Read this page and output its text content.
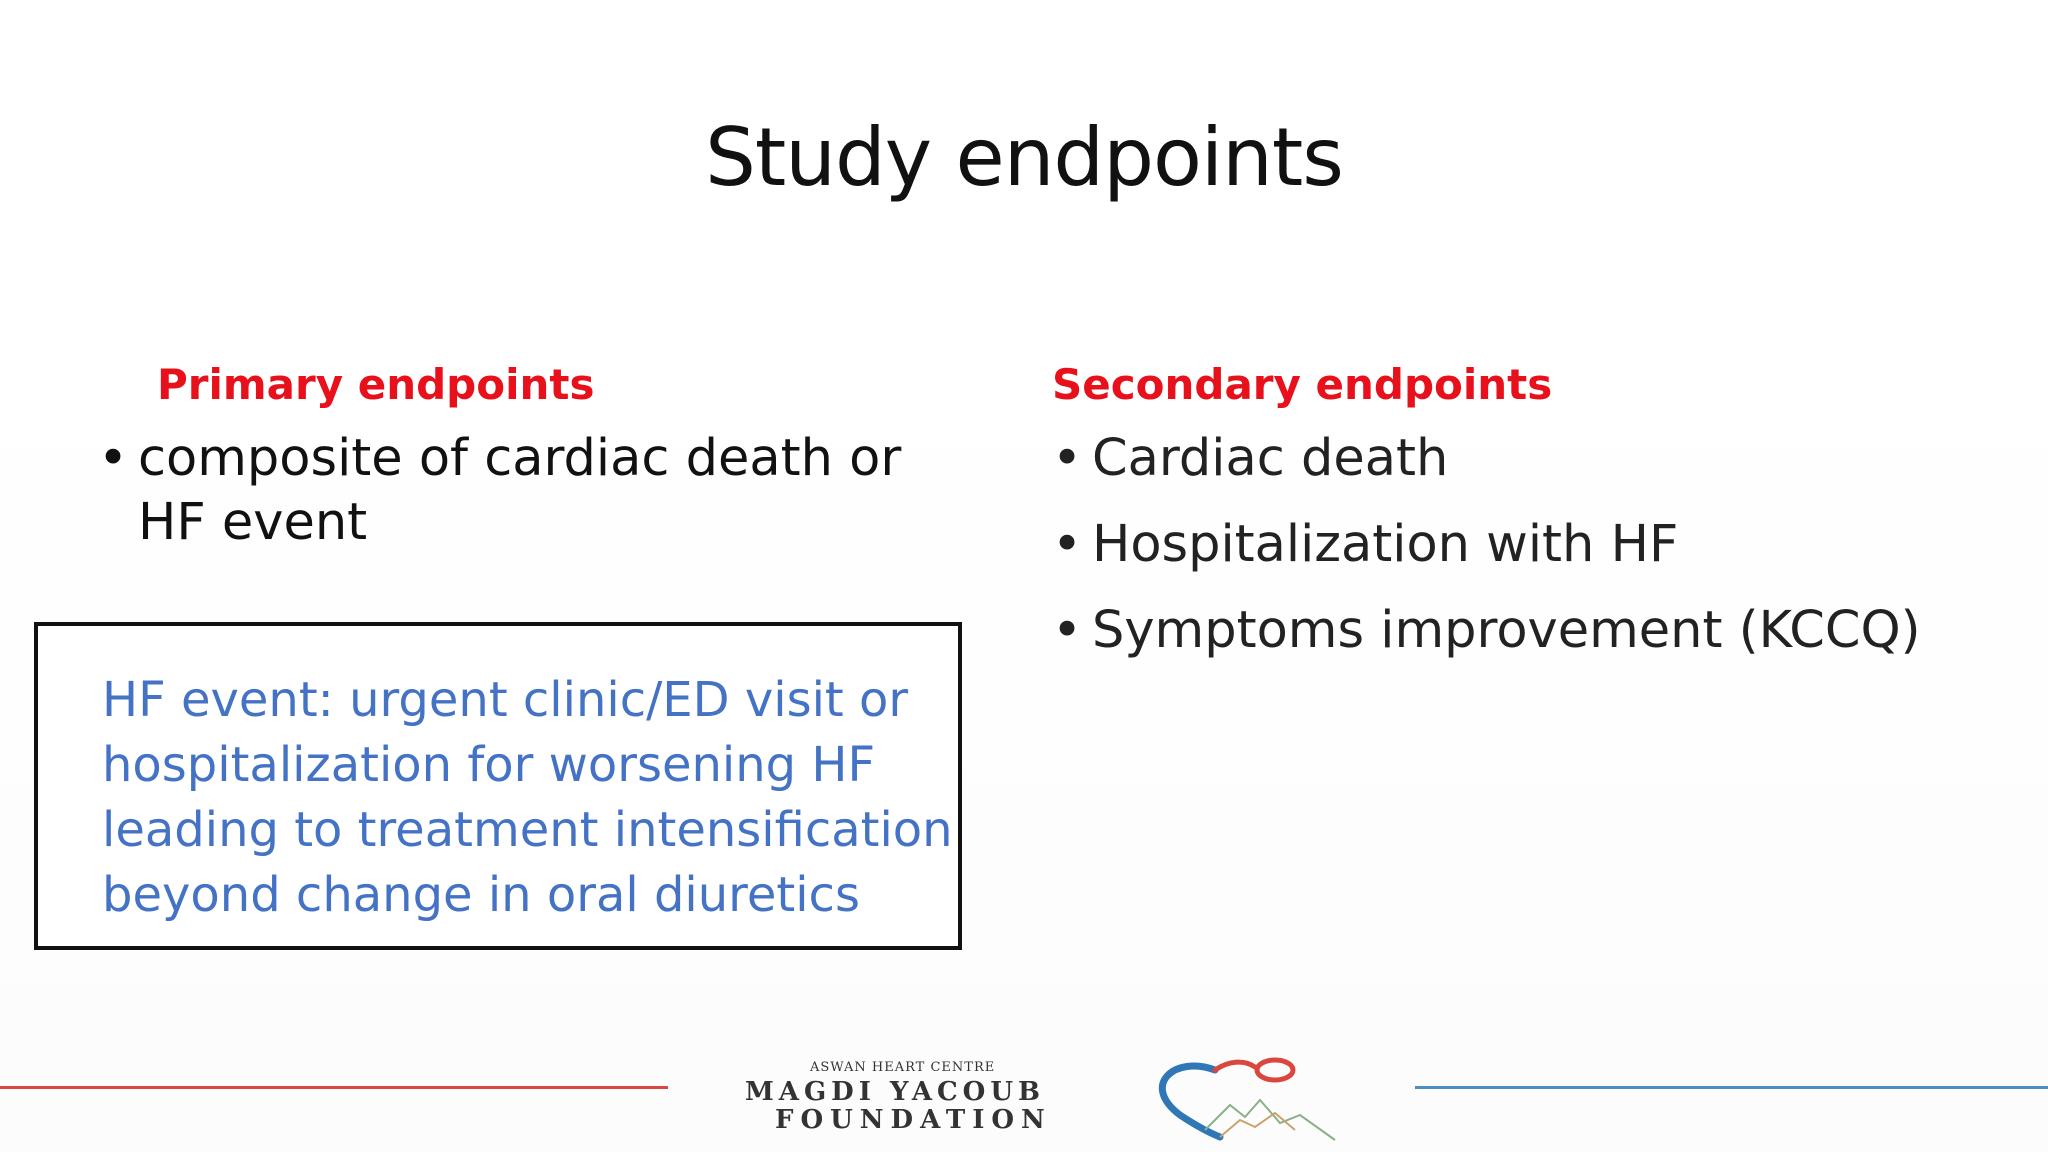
Study endpoints
Primary endpoints
• composite of cardiac death or HF event
HF event: urgent clinic/ED visit or
hospitalization for worsening HF
leading to treatment intensification
beyond change in oral diuretics
Secondary endpoints
• Cardiac death
• Hospitalization with HF
• Symptoms improvement (KCCQ)
ASWAN HEART CENTRE
MAGDI YACOUB
FOUNDATION
